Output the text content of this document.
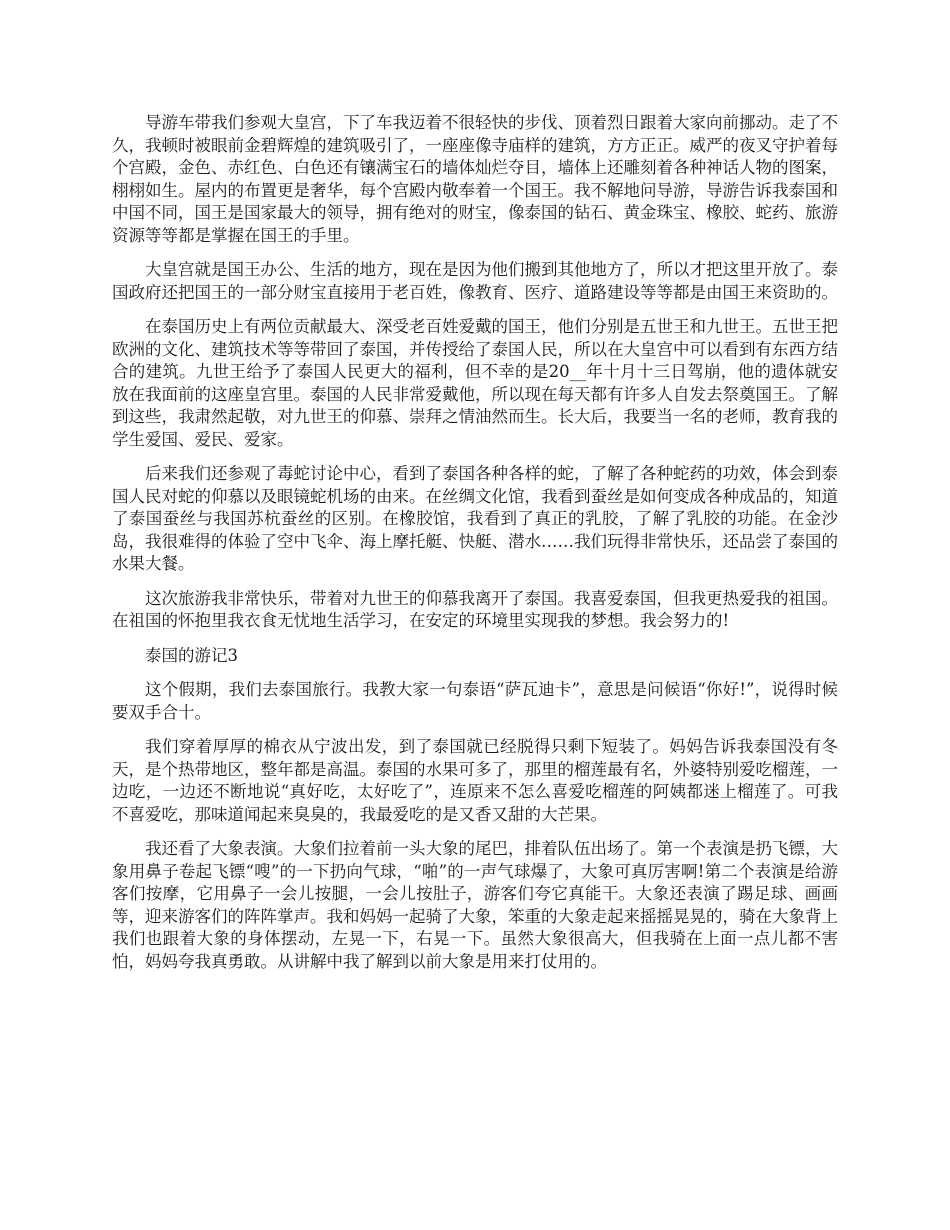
导游车带我们参观大皇宫，下了车我迈着不很轻快的步伐、顶着烈日跟着大家向前挪动。走了不久，我顿时被眼前金碧辉煌的建筑吸引了，一座座像寺庙样的建筑，方方正正。威严的夜叉守护着每个宫殿，金色、赤红色、白色还有镶满宝石的墙体灿烂夺目，墙体上还雕刻着各种神话人物的图案，栩栩如生。屋内的布置更是奢华，每个宫殿内敬奉着一个国王。我不解地问导游，导游告诉我泰国和中国不同，国王是国家最大的领导，拥有绝对的财宝，像泰国的钻石、黄金珠宝、橡胶、蛇药、旅游资源等等都是掌握在国王的手里。

大皇宫就是国王办公、生活的地方，现在是因为他们搬到其他地方了，所以才把这里开放了。泰国政府还把国王的一部分财宝直接用于老百姓，像教育、医疗、道路建设等等都是由国王来资助的。

在泰国历史上有两位贡献最大、深受老百姓爱戴的国王，他们分别是五世王和九世王。五世王把欧洲的文化、建筑技术等等带回了泰国，并传授给了泰国人民，所以在大皇宫中可以看到有东西方结合的建筑。九世王给予了泰国人民更大的福利，但不幸的是20__年十月十三日驾崩，他的遗体就安放在我面前的这座皇宫里。泰国的人民非常爱戴他，所以现在每天都有许多人自发去祭奠国王。了解到这些，我肃然起敬，对九世王的仰慕、崇拜之情油然而生。长大后，我要当一名的老师，教育我的学生爱国、爱民、爱家。

后来我们还参观了毒蛇讨论中心，看到了泰国各种各样的蛇，了解了各种蛇药的功效，体会到泰国人民对蛇的仰慕以及眼镜蛇机场的由来。在丝绸文化馆，我看到蚕丝是如何变成各种成品的，知道了泰国蚕丝与我国苏杭蚕丝的区别。在橡胶馆，我看到了真正的乳胶，了解了乳胶的功能。在金沙岛，我很难得的体验了空中飞伞、海上摩托艇、快艇、潜水……我们玩得非常快乐，还品尝了泰国的水果大餐。

这次旅游我非常快乐，带着对九世王的仰慕我离开了泰国。我喜爱泰国，但我更热爱我的祖国。在祖国的怀抱里我衣食无忧地生活学习，在安定的环境里实现我的梦想。我会努力的!

泰国的游记3

这个假期，我们去泰国旅行。我教大家一句泰语“萨瓦迪卡”，意思是问候语“你好!”，说得时候要双手合十。

我们穿着厚厚的棉衣从宁波出发，到了泰国就已经脱得只剩下短装了。妈妈告诉我泰国没有冬天，是个热带地区，整年都是高温。泰国的水果可多了，那里的榴莲最有名，外婆特别爱吃榴莲，一边吃，一边还不断地说“真好吃，太好吃了”，连原来不怎么喜爱吃榴莲的阿姨都迷上榴莲了。可我不喜爱吃，那味道闻起来臭臭的，我最爱吃的是又香又甜的大芒果。

我还看了大象表演。大象们拉着前一头大象的尾巴，排着队伍出场了。第一个表演是扔飞镖，大象用鼻子卷起飞镖“嗖”的一下扔向气球，“啪”的一声气球爆了，大象可真厉害啊!第二个表演是给游客们按摩，它用鼻子一会儿按腿，一会儿按肚子，游客们夸它真能干。大象还表演了踢足球、画画等，迎来游客们的阵阵掌声。我和妈妈一起骑了大象，笨重的大象走起来摇摇晃晃的，骑在大象背上我们也跟着大象的身体摆动，左晃一下，右晃一下。虽然大象很高大，但我骑在上面一点儿都不害怕，妈妈夸我真勇敢。从讲解中我了解到以前大象是用来打仗用的。
